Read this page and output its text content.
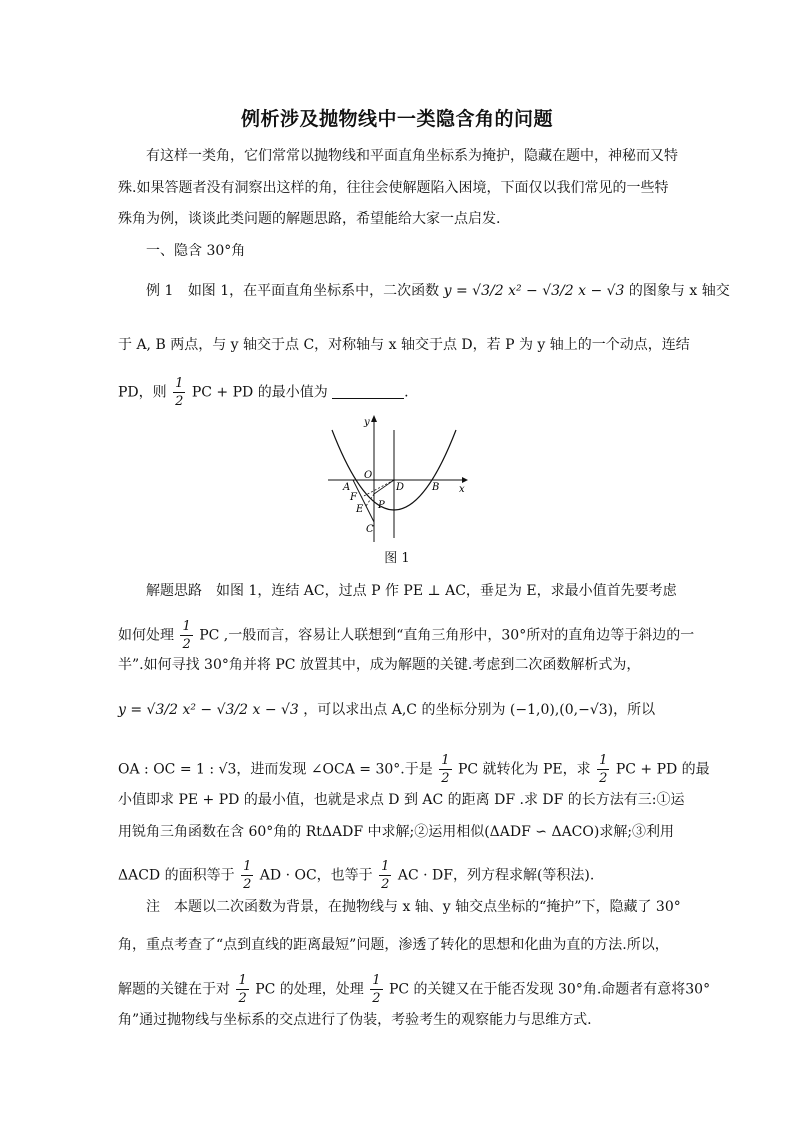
例析涉及抛物线中一类隐含角的问题
有这样一类角，它们常常以抛物线和平面直角坐标系为掩护，隐藏在题中，神秘而又特
殊.如果答题者没有洞察出这样的角，往往会使解题陷入困境，下面仅以我们常见的一些特
殊角为例，谈谈此类问题的解题思路，希望能给大家一点启发.
一、隐含 30°角
例 1 如图 1，在平面直角坐标系中，二次函数 y = √3/2 x² − √3/2 x − √3 的图象与 x 轴交
于 A, B 两点，与 y 轴交于点 C，对称轴与 x 轴交于点 D，若 P 为 y 轴上的一个动点，连结
PD，则 $\frac{1}{2}$ PC + PD 的最小值为	.
y
x
O
D
A	B
F
E P
C
图 1
解题思路　如图 1，连结 AC，过点 P 作 PE ⊥ AC，垂足为 E，求最小值首先要考虑
如何处理 $\frac{1}{2}$ PC ,一般而言，容易让人联想到“直角三角形中，30°所对的直角边等于斜边的一
半”.如何寻找 30°角并将 PC 放置其中，成为解题的关键.考虑到二次函数解析式为，
y = √3/2 x² − √3/2 x − √3 ，可以求出点 A,C 的坐标分别为 (−1,0),(0,−√3)，所以
OA : OC = 1 : √3，进而发现 ∠OCA = 30°.于是 $\frac{1}{2}$ PC 就转化为 PE，求 $\frac{1}{2}$ PC + PD 的最
小值即求 PE + PD 的最小值，也就是求点 D 到 AC 的距离 DF .求 DF 的长方法有三:①运
用锐角三角函数在含 60°角的 RtΔADF 中求解;②运用相似(ΔADF ∽ ΔACO)求解;③利用
ΔACD 的面积等于 $\frac{1}{2}$ AD · OC，也等于 $\frac{1}{2}$ AC · DF，列方程求解(等积法).
注　本题以二次函数为背景，在抛物线与 x 轴、y 轴交点坐标的“掩护”下，隐藏了 30°
角，重点考查了“点到直线的距离最短”问题，渗透了转化的思想和化曲为直的方法.所以，
解题的关键在于对 $\frac{1}{2}$ PC 的处理，处理 $\frac{1}{2}$ PC 的关键又在于能否发现 30°角.命题者有意将30°
角”通过抛物线与坐标系的交点进行了伪装，考验考生的观察能力与思维方式.
